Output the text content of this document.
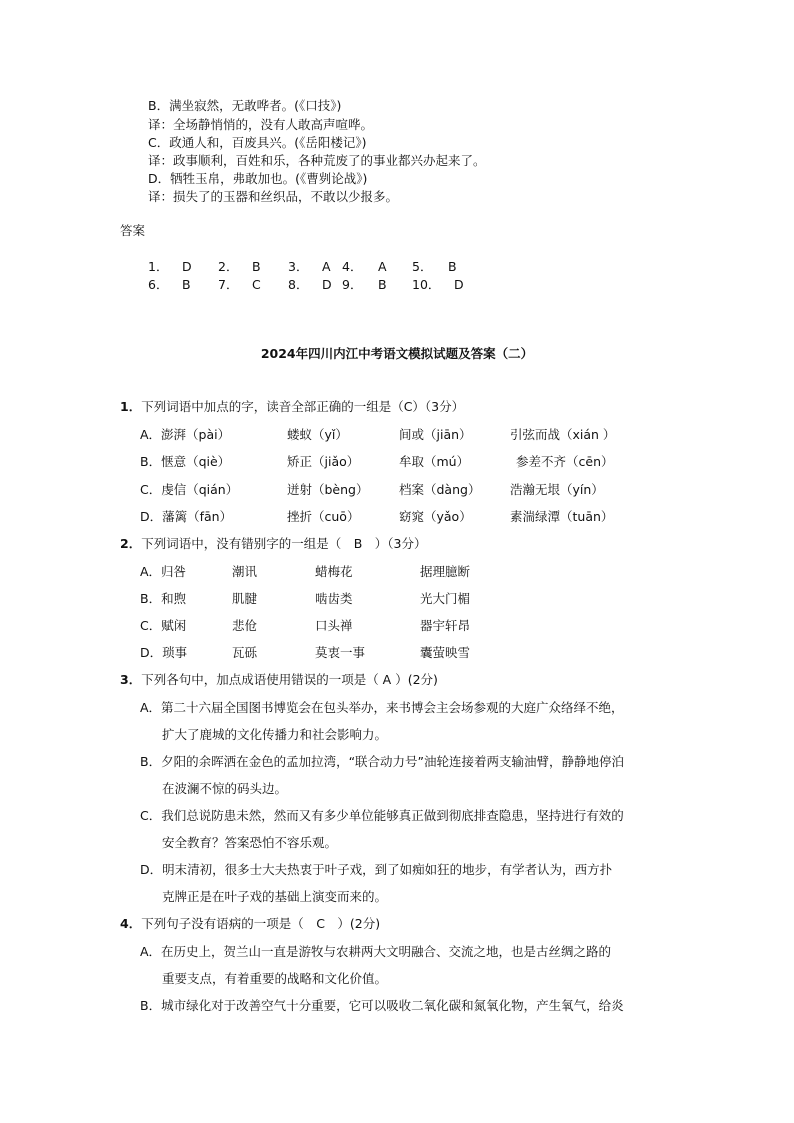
B．满坐寂然，无敢哗者。(《口技》)
译：全场静悄悄的，没有人敢高声喧哗。
C．政通人和，百废具兴。(《岳阳楼记》)
译：政事顺利，百姓和乐，各种荒废了的事业都兴办起来了。
D．牺牲玉帛，弗敢加也。(《曹刿论战》)
译：损失了的玉器和丝织品，不敢以少报多。
答案
1． D 2． B 3． A 4． A 5． B
6． B 7． C 8． D 9． B 10． D
2024年四川内江中考语文模拟试题及答案（二）
1．下列词语中加点的字，读音全部正确的一组是（C）（3分）
A．澎湃（pài）	蝼蚁（yǐ）	间或（jiān）	引弦而战（xián ）
B．惬意（qiè）	矫正（jiǎo）	牟取（mú）	参差不齐（cēn）
C．虔信（qián）	迸射（bèng） 档案（dàng） 浩瀚无垠（yín）
D．藩篱（fān）	挫折（cuō）	窈窕（yǎo）	素湍绿潭（tuān）
2．下列词语中，没有错别字的一组是（　B　）（3分）
A．归咎	潮讯	蜡梅花	据理臆断
B．和煦	肌腱	啮齿类	光大门楣
C．赋闲	悲伧	口头禅	器宇轩昂
D．琐事	瓦砾	莫衷一事	囊萤映雪
3．下列各句中，加点成语使用错误的一项是（ A ）(2分)
A．第二十六届全国图书博览会在包头举办，来书博会主会场参观的大庭广众络绎不绝，
扩大了鹿城的文化传播力和社会影响力。
B．夕阳的余晖洒在金色的孟加拉湾，“联合动力号”油轮连接着两支输油臂，静静地停泊
在波澜不惊的码头边。
C．我们总说防患未然，然而又有多少单位能够真正做到彻底排查隐患，坚持进行有效的
安全教育？答案恐怕不容乐观。
D．明末清初，很多士大夫热衷于叶子戏，到了如痴如狂的地步，有学者认为，西方扑
克牌正是在叶子戏的基础上演变而来的。
4．下列句子没有语病的一项是（　C　）(2分)
A．在历史上，贺兰山一直是游牧与农耕两大文明融合、交流之地，也是古丝绸之路的
重要支点，有着重要的战略和文化价值。
B．城市绿化对于改善空气十分重要，它可以吸收二氧化碳和氮氧化物，产生氧气，给炎
